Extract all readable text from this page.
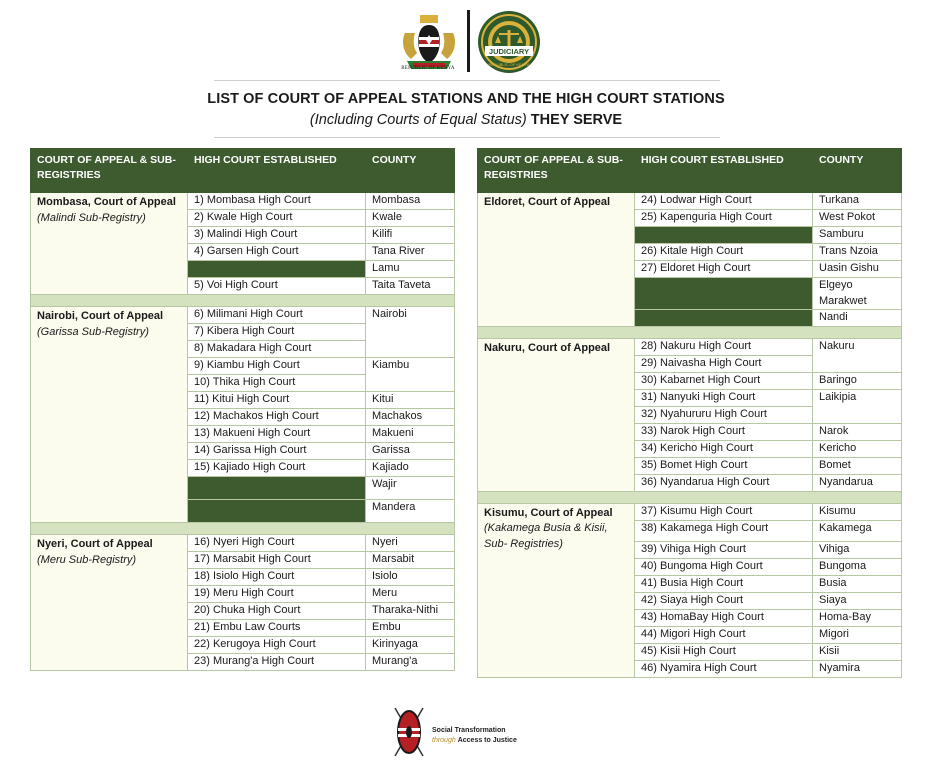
REPUBLIC OF KENYA
JUDICIARY
REPUBLIC OF KENYA
LIST OF COURT OF APPEAL STATIONS AND THE HIGH COURT STATIONS
(Including Courts of Equal Status) THEY SERVE
COURT OF APPEAL & SUB-REGISTRIES	HIGH COURT ESTABLISHED	COUNTY

Mombasa, Court of Appeal
(Malindi Sub-Registry)	1) Mombasa High Court	Mombasa
	2) Kwale High Court	Kwale
	3) Malindi High Court	Kilifi
	4) Garsen High Court	Tana River
		Lamu
	5) Voi High Court	Taita Taveta

Nairobi, Court of Appeal
(Garissa Sub-Registry)	6) Milimani High Court	Nairobi
	7) Kibera High Court	
	8) Makadara High Court	
	9) Kiambu High Court	Kiambu
	10) Thika High Court	
	11) Kitui High Court	Kitui
	12) Machakos High Court	Machakos
	13) Makueni High Court	Makueni
	14) Garissa High Court	Garissa
	15) Kajiado High Court	Kajiado
		Wajir
		Mandera

Nyeri, Court of Appeal
(Meru Sub-Registry)	16) Nyeri High Court	Nyeri
	17) Marsabit High Court	Marsabit
	18) Isiolo High Court	Isiolo
	19) Meru High Court	Meru
	20) Chuka High Court	Tharaka-Nithi
	21) Embu Law Courts	Embu
	22) Kerugoya High Court	Kirinyaga
	23) Murang'a High Court	Murang'a
COURT OF APPEAL & SUB-REGISTRIES	HIGH COURT ESTABLISHED	COUNTY

Eldoret, Court of Appeal	24) Lodwar High Court	Turkana
	25) Kapenguria High Court	West Pokot
		Samburu
	26) Kitale High Court	Trans Nzoia
	27) Eldoret High Court	Uasin Gishu
		Elgeyo Marakwet
		Nandi

Nakuru, Court of Appeal	28) Nakuru High Court	Nakuru
	29) Naivasha High Court	
	30) Kabarnet High Court	Baringo
	31) Nanyuki High Court	Laikipia
	32) Nyahururu High Court	
	33) Narok High Court	Narok
	34) Kericho High Court	Kericho
	35) Bomet High Court	Bomet
	36) Nyandarua High Court	Nyandarua

Kisumu, Court of Appeal
(Kakamega Busia & Kisii, Sub- Registries)	37) Kisumu High Court	Kisumu
	38) Kakamega High Court	Kakamega
	39) Vihiga High Court	Vihiga
	40) Bungoma High Court	Bungoma
	41) Busia High Court	Busia
	42) Siaya High Court	Siaya
	43) HomaBay High Court	Homa-Bay
	44) Migori High Court	Migori
	45) Kisii High Court	Kisii
	46) Nyamira High Court	Nyamira
Social Transformation
through Access to Justice
